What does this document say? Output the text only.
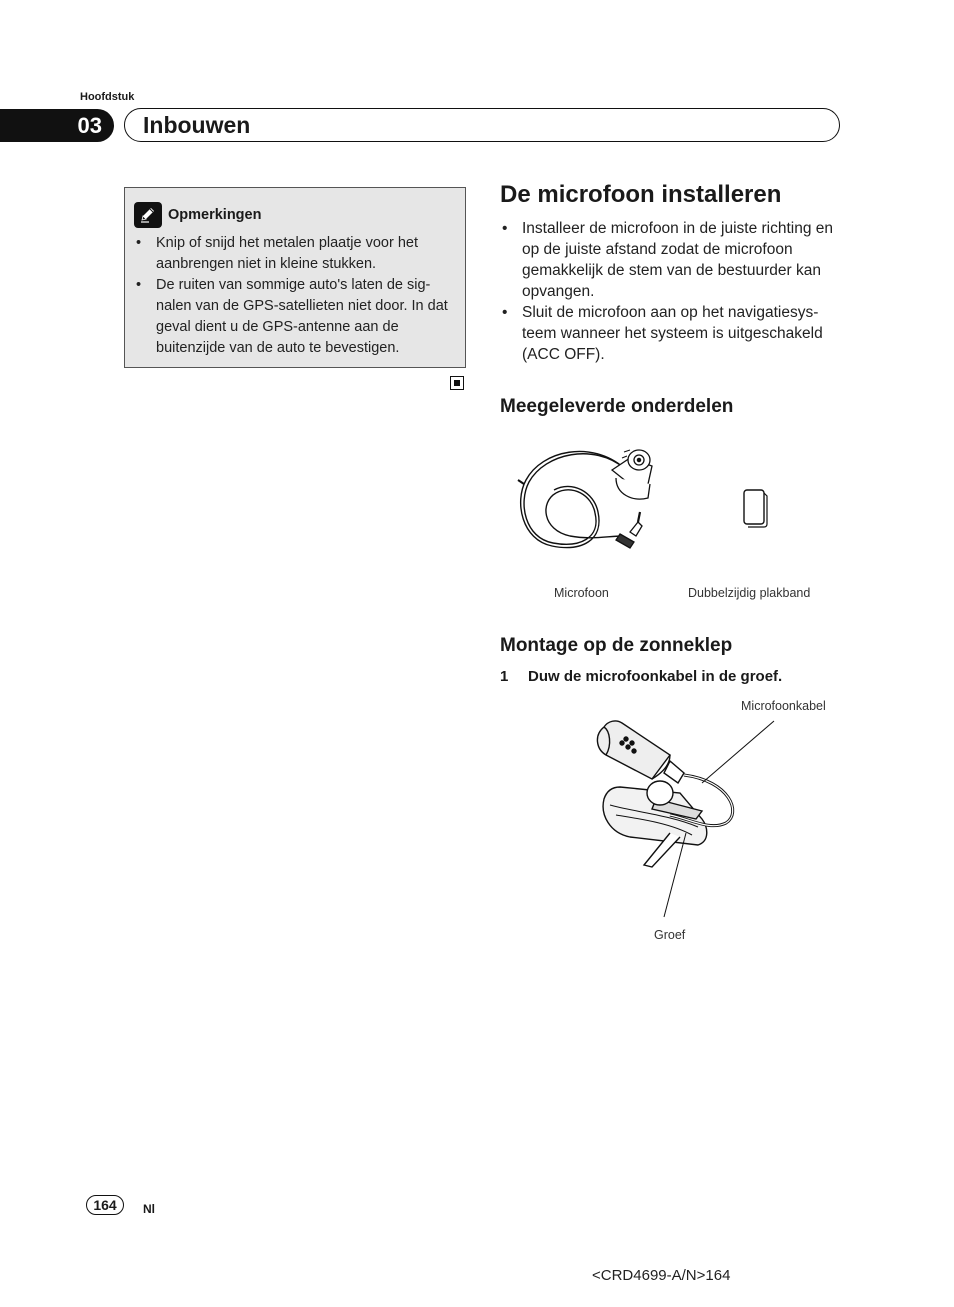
Hoofdstuk
03	Inbouwen
Opmerkingen
• Knip of snijd het metalen plaatje voor het aanbrengen niet in kleine stukken.
• De ruiten van sommige auto's laten de sig-nalen van de GPS-satellieten niet door. In dat geval dient u de GPS-antenne aan de buitenzijde van de auto te bevestigen.
De microfoon installeren
• Installeer de microfoon in de juiste richting en op de juiste afstand zodat de microfoon gemakkelijk de stem van de bestuurder kan opvangen.
• Sluit de microfoon aan op het navigatiesys-teem wanneer het systeem is uitgeschakeld (ACC OFF).
Meegeleverde onderdelen
Microfoon	Dubbelzijdig plakband
Montage op de zonneklep
1 Duw de microfoonkabel in de groef.
Microfoonkabel
Groef
164	Nl
<CRD4699-A/N>164
